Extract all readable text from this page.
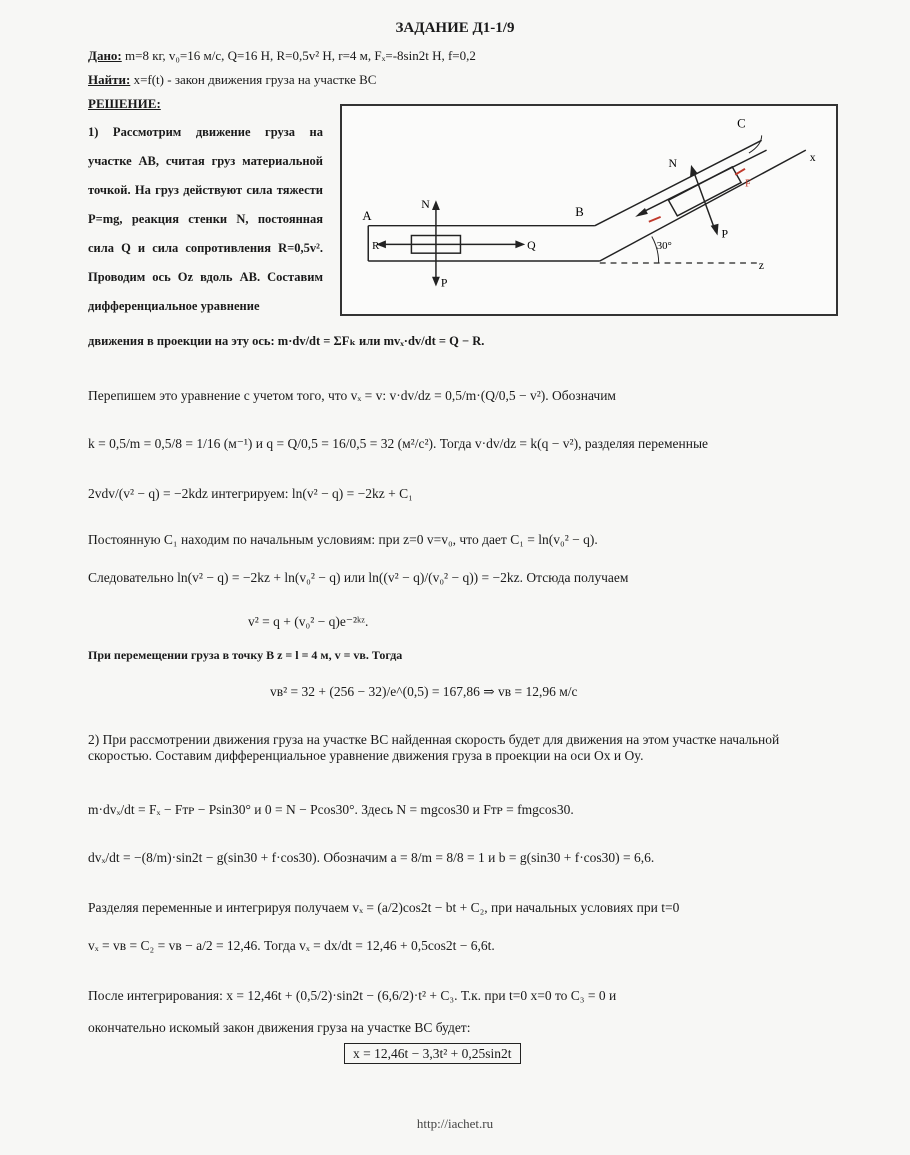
ЗАДАНИЕ Д1-1/9
Дано: m=8 кг, v₀=16 м/с, Q=16 Н, R=0,5v² Н, r=4 м, Fₓ=-8sin2t Н, f=0,2
Найти: x=f(t) - закон движения груза на участке ВС
РЕШЕНИЕ:
1) Рассмотрим движение груза на участке АВ, считая груз материальной точкой. На груз действуют сила тяжести P=mg, реакция стенки N, постоянная сила Q и сила сопротивления R=0,5v². Проводим ось Oz вдоль АВ. Составим дифференциальное уравнение
A	B
C
N
P
Q
R
N
P
x
z
30°
F
движения в проекции на эту ось: m·dv/dt = ΣFₖ или mvₓ·dv/dt = Q − R.
Перепишем это уравнение с учетом того, что vₓ = v: v·dv/dz = 0,5/m·(Q/0,5 − v²). Обозначим
k = 0,5/m = 0,5/8 = 1/16 (м⁻¹) и q = Q/0,5 = 16/0,5 = 32 (м²/с²). Тогда v·dv/dz = k(q − v²), разделяя переменные
2vdv/(v² − q) = −2kdz интегрируем: ln(v² − q) = −2kz + C₁
Постоянную C₁ находим по начальным условиям: при z=0 v=v₀, что дает C₁ = ln(v₀² − q).
Следовательно ln(v² − q) = −2kz + ln(v₀² − q) или ln((v² − q)/(v₀² − q)) = −2kz. Отсюда получаем
v² = q + (v₀² − q)e⁻²ᵏᶻ.
При перемещении груза в точку B z = l = 4 м, v = vʙ. Тогда
vʙ² = 32 + (256 − 32)/e^(0,5) = 167,86 ⇒ vʙ = 12,96 м/с
2) При рассмотрении движения груза на участке ВС найденная скорость будет для движения на этом участке начальной скоростью. Составим дифференциальное уравнение движения груза в проекции на оси Ox и Oy.
m·dvₓ/dt = Fₓ − Fᴛᴘ − Psin30° и 0 = N − Pcos30°. Здесь N = mgcos30 и Fᴛᴘ = fmgcos30.
dvₓ/dt = −(8/m)·sin2t − g(sin30 + f·cos30). Обозначим a = 8/m = 8/8 = 1 и b = g(sin30 + f·cos30) = 6,6.
Разделяя переменные и интегрируя получаем vₓ = (a/2)cos2t − bt + C₂, при начальных условиях при t=0
vₓ = vʙ = C₂ = vʙ − a/2 = 12,46. Тогда vₓ = dx/dt = 12,46 + 0,5cos2t − 6,6t.
После интегрирования: x = 12,46t + (0,5/2)·sin2t − (6,6/2)·t² + C₃. Т.к. при t=0 x=0 то C₃ = 0 и
окончательно искомый закон движения груза на участке ВС будет:
x = 12,46t − 3,3t² + 0,25sin2t
http://iachet.ru
